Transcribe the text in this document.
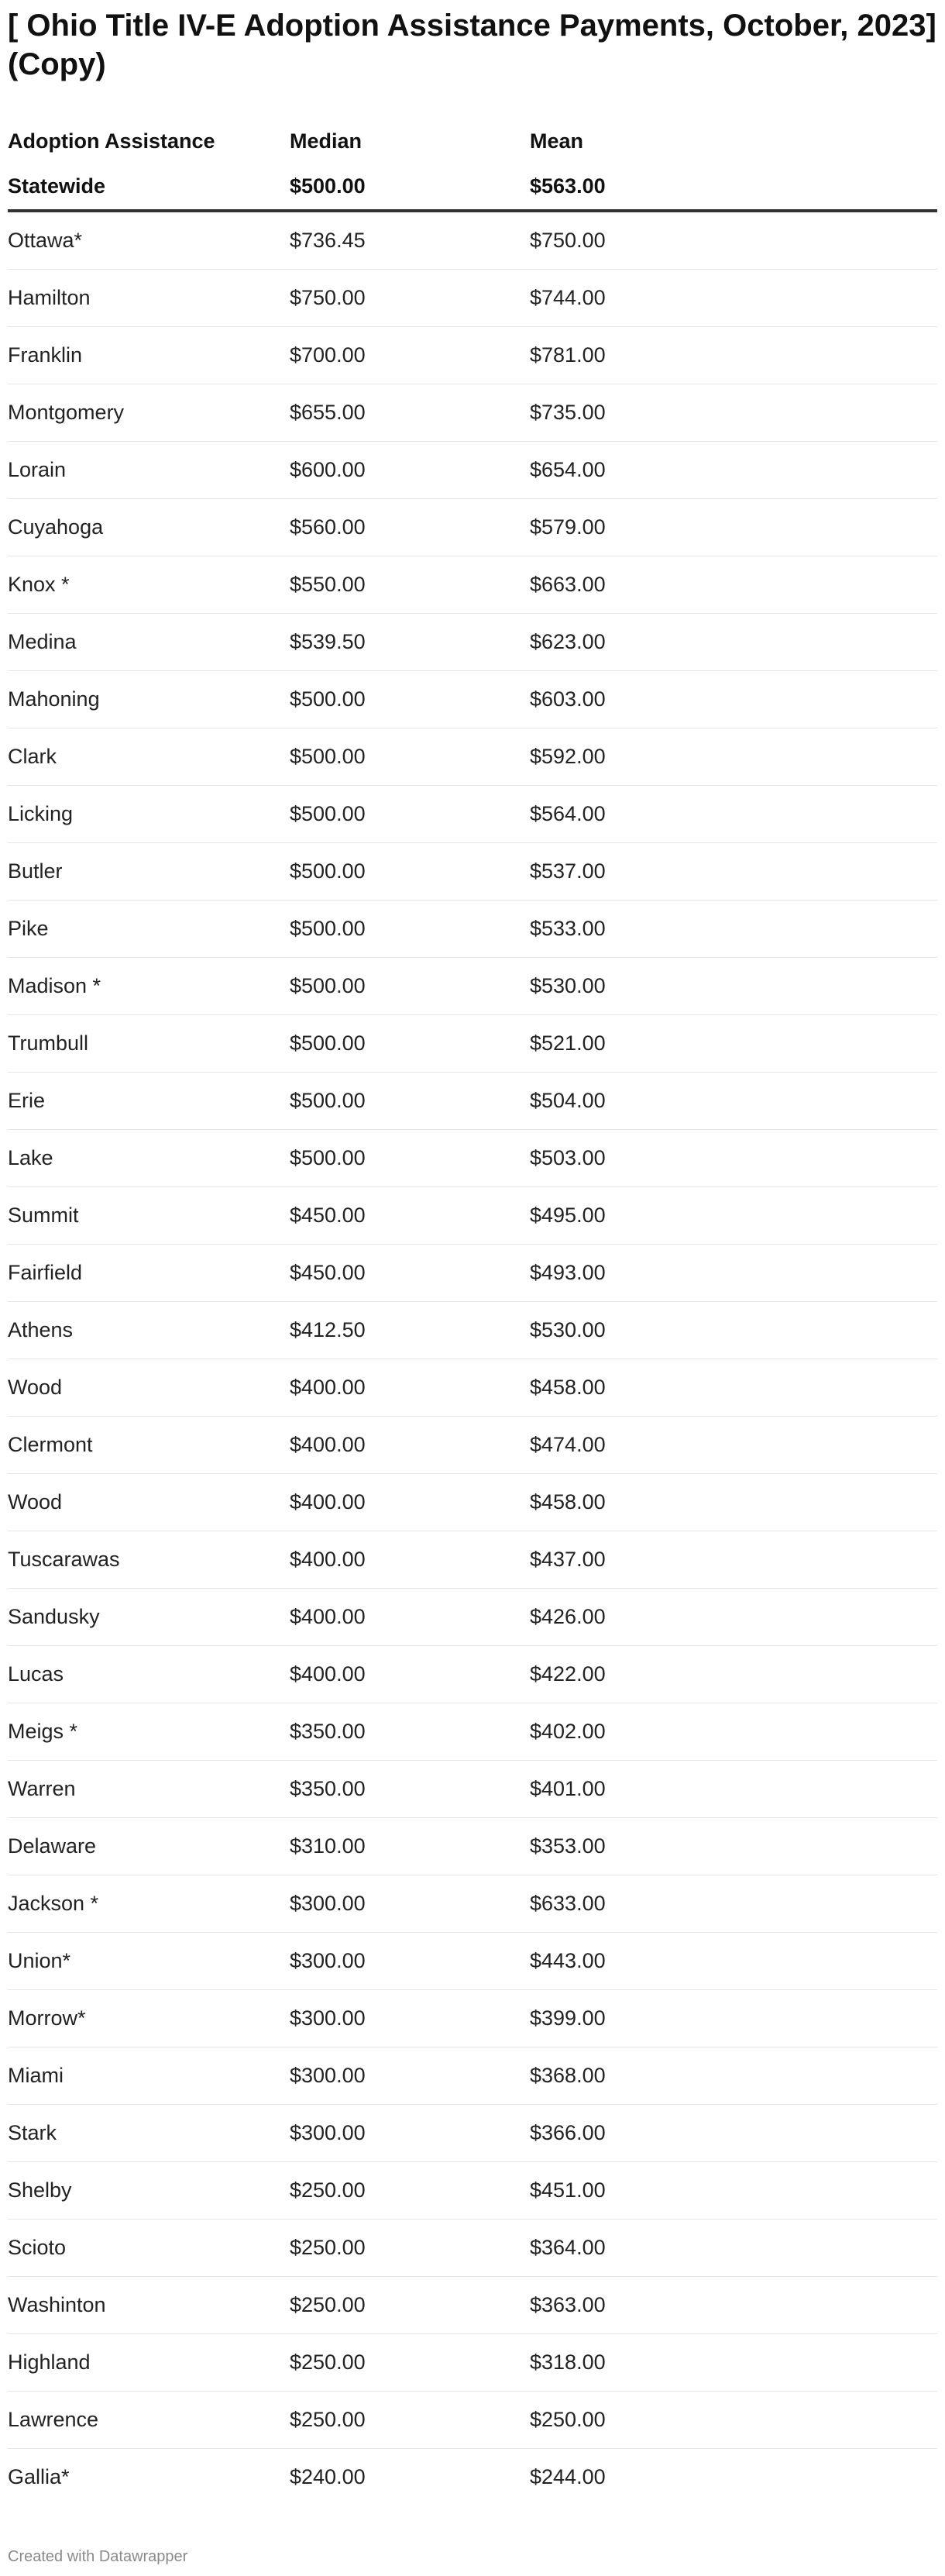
[ Ohio Title IV-E Adoption Assistance Payments, October, 2023] (Copy)
Adoption Assistance	Median	Mean
Statewide	$500.00	$563.00
Ottawa*	$736.45	$750.00
Hamilton	$750.00	$744.00
Franklin	$700.00	$781.00
Montgomery	$655.00	$735.00
Lorain	$600.00	$654.00
Cuyahoga	$560.00	$579.00
Knox *	$550.00	$663.00
Medina	$539.50	$623.00
Mahoning	$500.00	$603.00
Clark	$500.00	$592.00
Licking	$500.00	$564.00
Butler	$500.00	$537.00
Pike	$500.00	$533.00
Madison *	$500.00	$530.00
Trumbull	$500.00	$521.00
Erie	$500.00	$504.00
Lake	$500.00	$503.00
Summit	$450.00	$495.00
Fairfield	$450.00	$493.00
Athens	$412.50	$530.00
Wood	$400.00	$458.00
Clermont	$400.00	$474.00
Wood	$400.00	$458.00
Tuscarawas	$400.00	$437.00
Sandusky	$400.00	$426.00
Lucas	$400.00	$422.00
Meigs *	$350.00	$402.00
Warren	$350.00	$401.00
Delaware	$310.00	$353.00
Jackson *	$300.00	$633.00
Union*	$300.00	$443.00
Morrow*	$300.00	$399.00
Miami	$300.00	$368.00
Stark	$300.00	$366.00
Shelby	$250.00	$451.00
Scioto	$250.00	$364.00
Washinton	$250.00	$363.00
Highland	$250.00	$318.00
Lawrence	$250.00	$250.00
Gallia*	$240.00	$244.00
Created with Datawrapper
